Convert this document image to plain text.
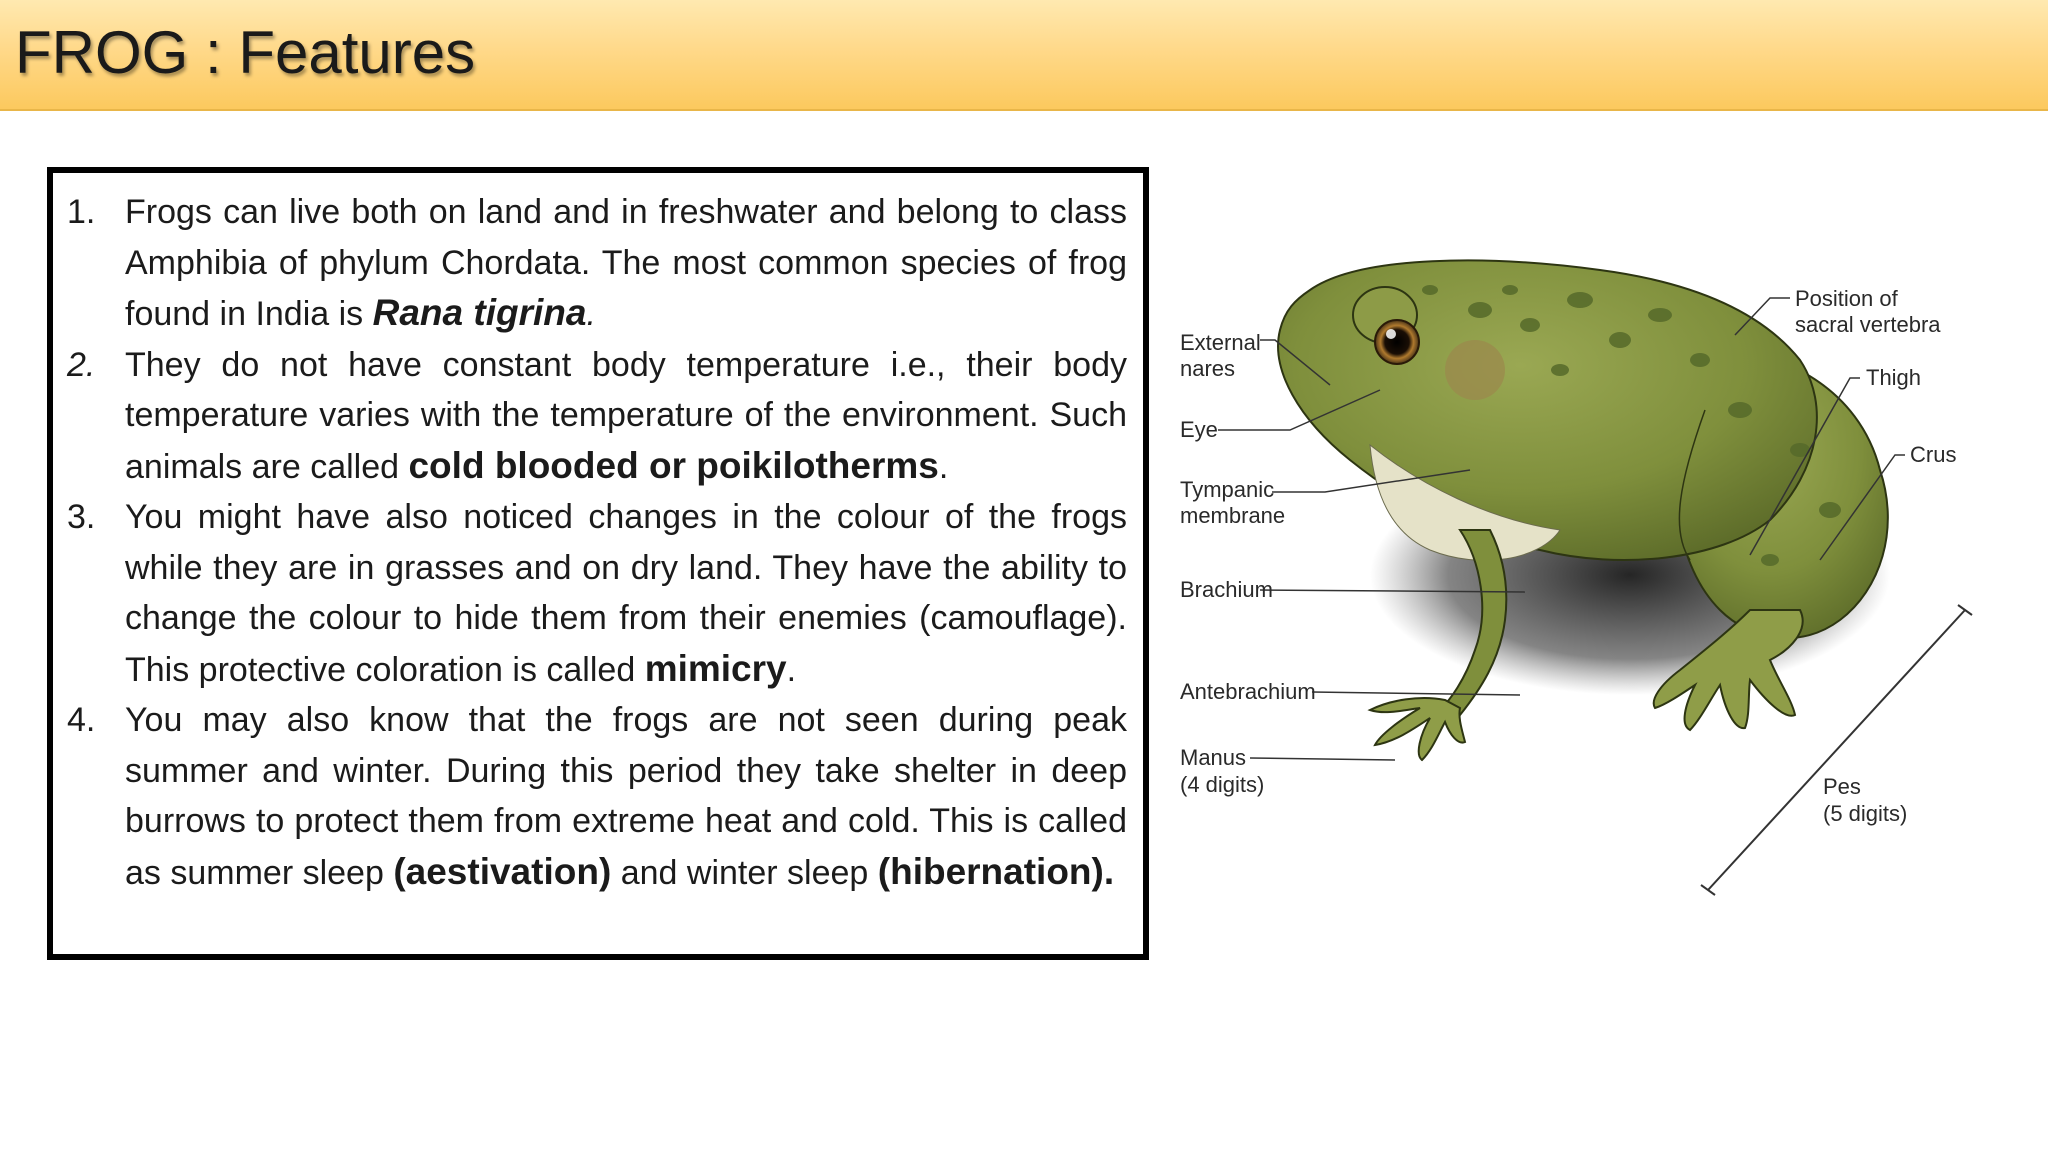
FROG : Features
1. Frogs can live both on land and in freshwater and belong to class Amphibia of phylum Chordata. The most common species of frog found in India is Rana tigrina.
2. They do not have constant body temperature i.e., their body temperature varies with the temperature of the environment. Such animals are called cold blooded or poikilotherms.
3. You might have also noticed changes in the colour of the frogs while they are in grasses and on dry land. They have the ability to change the colour to hide them from their enemies (camouflage). This protective coloration is called mimicry.
4. You may also know that the frogs are not seen during peak summer and winter. During this period they take shelter in deep burrows to protect them from extreme heat and cold. This is called as summer sleep (aestivation) and winter sleep (hibernation).
External
nares
Eye
Tympanic
membrane
Brachium
Antebrachium
Manus
(4 digits)
Position of
sacral vertebra
Thigh
Crus
Pes
(5 digits)
